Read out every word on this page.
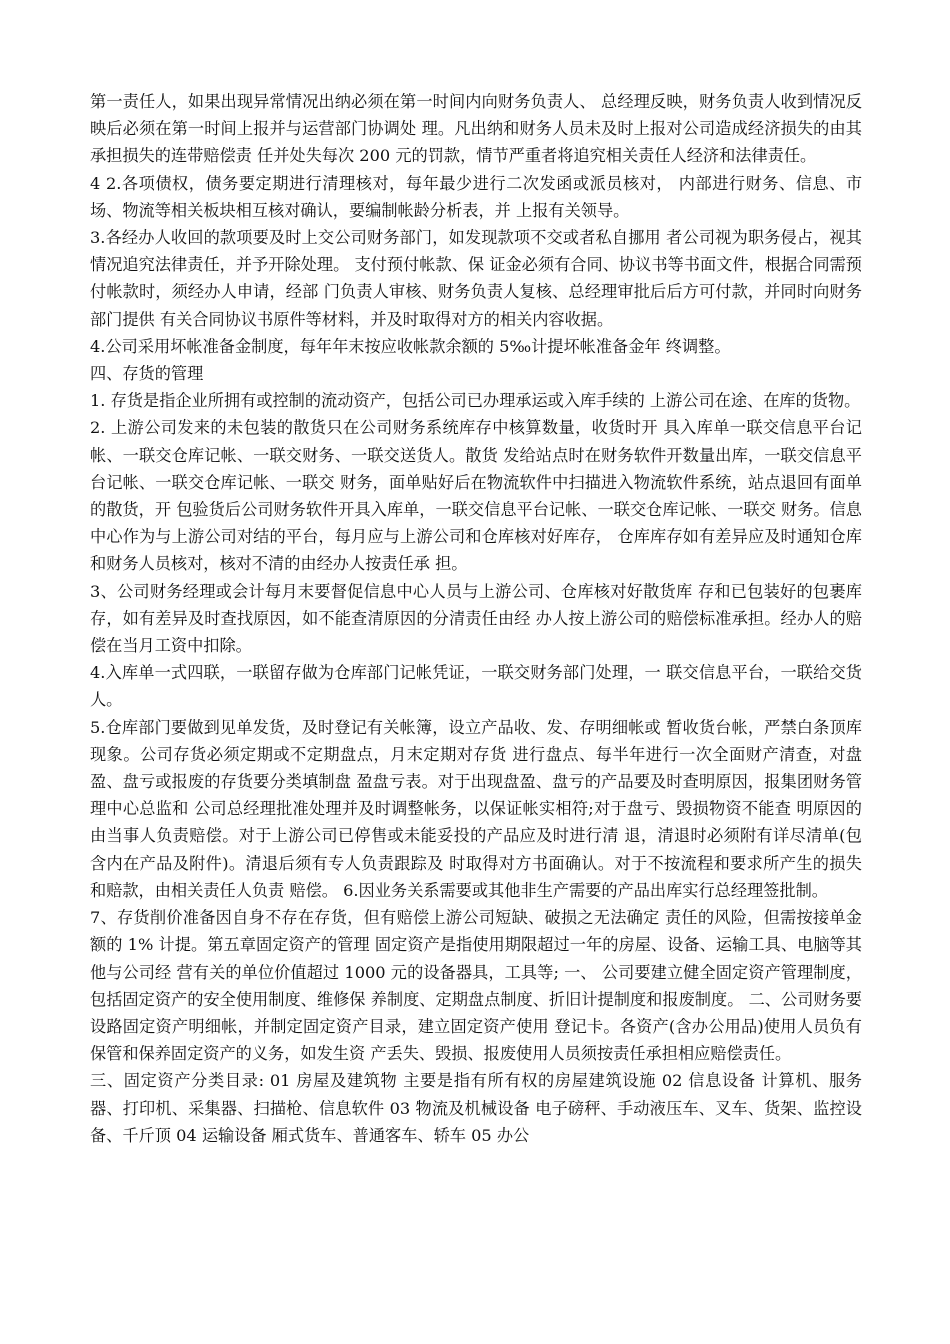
第一责任人，如果出现异常情况出纳必须在第一时间内向财务负责人、 总经理反映，财务负责人收到情况反映后必须在第一时间上报并与运营部门协调处 理。凡出纳和财务人员未及时上报对公司造成经济损失的由其承担损失的连带赔偿责 任并处失每次 200 元的罚款，情节严重者将追究相关责任人经济和法律责任。

4 2.各项债权，债务要定期进行清理核对，每年最少进行二次发函或派员核对， 内部进行财务、信息、市场、物流等相关板块相互核对确认，要编制帐龄分析表，并 上报有关领导。

3.各经办人收回的款项要及时上交公司财务部门，如发现款项不交或者私自挪用 者公司视为职务侵占，视其情况追究法律责任，并予开除处理。 支付预付帐款、保 证金必须有合同、协议书等书面文件，根据合同需预付帐款时，须经办人申请，经部 门负责人审核、财务负责人复核、总经理审批后后方可付款，并同时向财务部门提供 有关合同协议书原件等材料，并及时取得对方的相关内容收据。

4.公司采用坏帐准备金制度，每年年末按应收帐款余额的 5‰计提坏帐准备金年 终调整。

四、存货的管理

1. 存货是指企业所拥有或控制的流动资产，包括公司已办理承运或入库手续的 上游公司在途、在库的货物。

2. 上游公司发来的未包装的散货只在公司财务系统库存中核算数量，收货时开 具入库单一联交信息平台记帐、一联交仓库记帐、一联交财务、一联交送货人。散货 发给站点时在财务软件开数量出库，一联交信息平台记帐、一联交仓库记帐、一联交 财务，面单贴好后在物流软件中扫描进入物流软件系统，站点退回有面单的散货，开 包验货后公司财务软件开具入库单，一联交信息平台记帐、一联交仓库记帐、一联交 财务。信息中心作为与上游公司对结的平台，每月应与上游公司和仓库核对好库存， 仓库库存如有差异应及时通知仓库和财务人员核对，核对不清的由经办人按责任承 担。

3、公司财务经理或会计每月末要督促信息中心人员与上游公司、仓库核对好散货库 存和已包装好的包裹库存，如有差异及时查找原因，如不能查清原因的分清责任由经 办人按上游公司的赔偿标准承担。经办人的赔偿在当月工资中扣除。

4.入库单一式四联，一联留存做为仓库部门记帐凭证，一联交财务部门处理，一 联交信息平台，一联给交货人。

5.仓库部门要做到见单发货，及时登记有关帐簿，设立产品收、发、存明细帐或 暂收货台帐，严禁白条顶库现象。公司存货必须定期或不定期盘点，月末定期对存货 进行盘点、每半年进行一次全面财产清查，对盘盈、盘亏或报废的存货要分类填制盘 盈盘亏表。对于出现盘盈、盘亏的产品要及时查明原因，报集团财务管理中心总监和 公司总经理批准处理并及时调整帐务，以保证帐实相符;对于盘亏、毁损物资不能查 明原因的由当事人负责赔偿。对于上游公司已停售或未能妥投的产品应及时进行清 退，清退时必须附有详尽清单(包含内在产品及附件)。清退后须有专人负责跟踪及 时取得对方书面确认。对于不按流程和要求所产生的损失和赔款，由相关责任人负责 赔偿。 6.因业务关系需要或其他非生产需要的产品出库实行总经理签批制。

7、存货削价准备因自身不存在存货，但有赔偿上游公司短缺、破损之无法确定 责任的风险，但需按接单金额的 1% 计提。第五章固定资产的管理 固定资产是指使用期限超过一年的房屋、设备、运输工具、电脑等其他与公司经 营有关的单位价值超过 1000 元的设备器具，工具等; 一、 公司要建立健全固定资产管理制度，包括固定资产的安全使用制度、维修保 养制度、定期盘点制度、折旧计提制度和报废制度。 二、公司财务要设路固定资产明细帐，并制定固定资产目录，建立固定资产使用 登记卡。各资产(含办公用品)使用人员负有保管和保养固定资产的义务，如发生资 产丢失、毁损、报废使用人员须按责任承担相应赔偿责任。

三、固定资产分类目录: 01 房屋及建筑物 主要是指有所有权的房屋建筑设施 02 信息设备 计算机、服务器、打印机、采集器、扫描枪、信息软件 03 物流及机械设备 电子磅秤、手动液压车、叉车、货架、监控设备、千斤顶 04 运输设备 厢式货车、普通客车、轿车 05 办公
